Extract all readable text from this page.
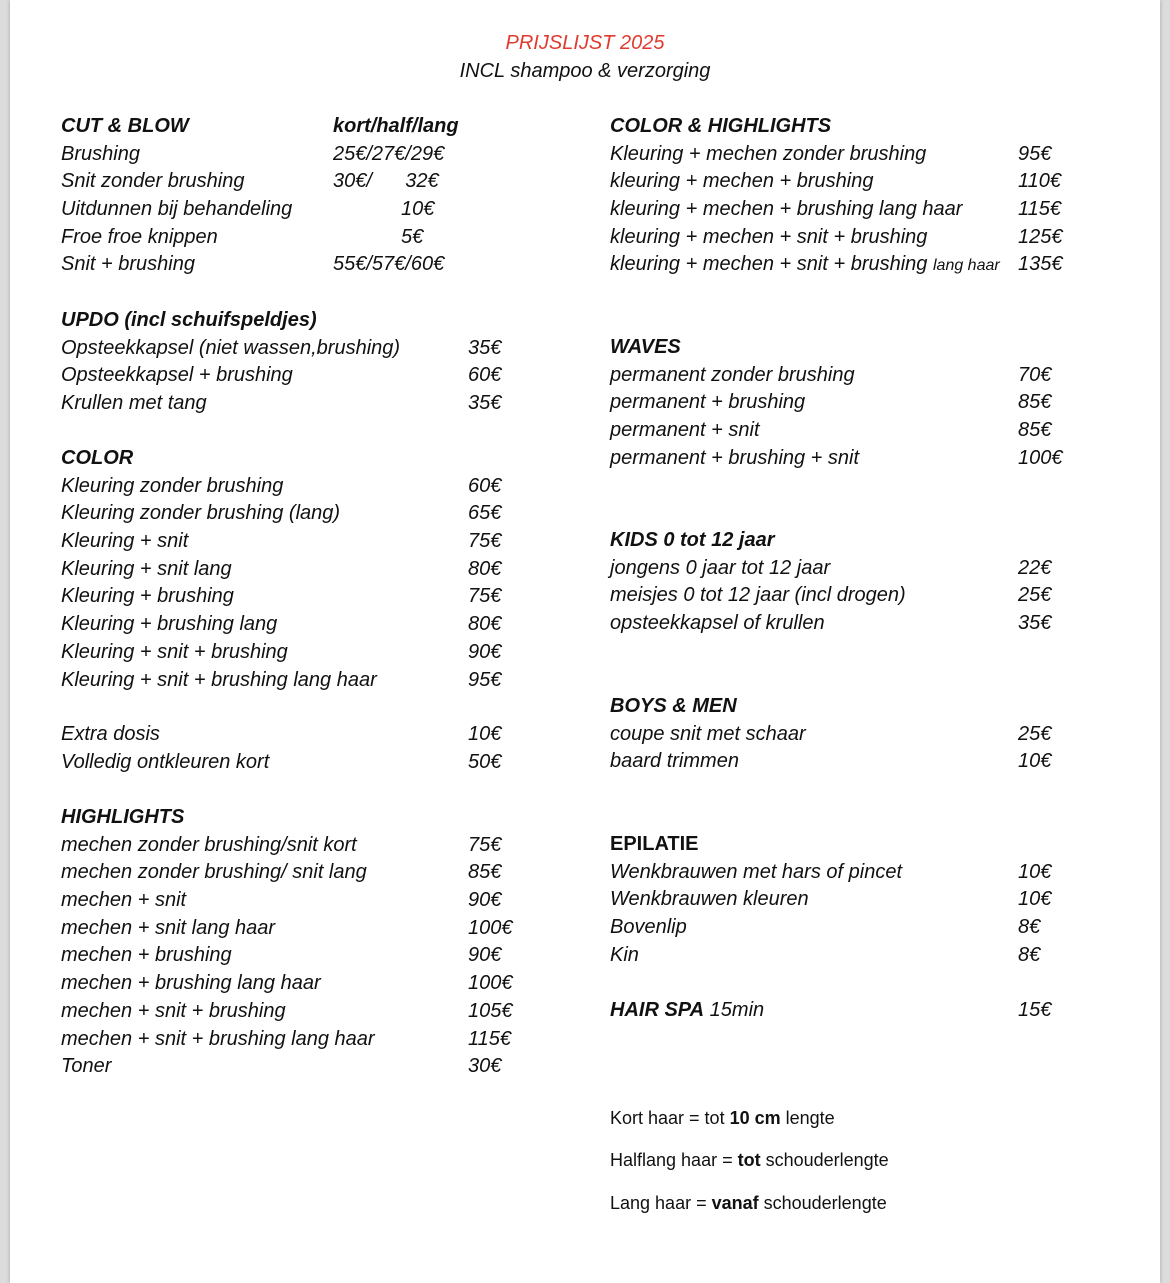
PRIJSLIJST 2025
INCL shampoo & verzorging
CUT & BLOW	kort/half/lang
Brushing	25€/27€/29€
Snit zonder brushing	30€/      32€
Uitdunnen bij behandeling	10€
Froe froe knippen	5€
Snit + brushing	55€/57€/60€
UPDO (incl schuifspeldjes)
Opsteekkapsel (niet wassen,brushing)	35€
Opsteekkapsel + brushing	60€
Krullen met tang	35€
COLOR
Kleuring zonder brushing	60€
Kleuring zonder brushing (lang)	65€
Kleuring + snit	75€
Kleuring + snit lang	80€
Kleuring + brushing	75€
Kleuring + brushing lang	80€
Kleuring + snit + brushing	90€
Kleuring + snit + brushing lang haar	95€
Extra dosis	10€
Volledig ontkleuren kort	50€
HIGHLIGHTS
mechen zonder brushing/snit kort	75€
mechen zonder brushing/ snit lang	85€
mechen + snit	90€
mechen + snit lang haar	100€
mechen + brushing	90€
mechen + brushing lang haar	100€
mechen + snit + brushing	105€
mechen + snit + brushing lang haar	115€
Toner	30€
COLOR & HIGHLIGHTS
Kleuring + mechen zonder brushing	95€
kleuring + mechen + brushing	110€
kleuring + mechen + brushing lang haar	115€
kleuring + mechen + snit + brushing	125€
kleuring + mechen + snit + brushing lang haar 135€
WAVES
permanent zonder brushing	70€
permanent + brushing	85€
permanent + snit	85€
permanent + brushing + snit	100€
KIDS 0 tot 12 jaar
jongens 0 jaar tot 12 jaar	22€
meisjes 0 tot 12 jaar (incl drogen)	25€
opsteekkapsel of krullen	35€
BOYS & MEN
coupe snit met schaar	25€
baard trimmen	10€
EPILATIE
Wenkbrauwen met hars of pincet	10€
Wenkbrauwen kleuren	10€
Bovenlip	8€
Kin	8€
HAIR SPA 15min	15€
Kort haar = tot 10 cm lengte
Halflang haar = tot schouderlengte
Lang haar = vanaf schouderlengte
